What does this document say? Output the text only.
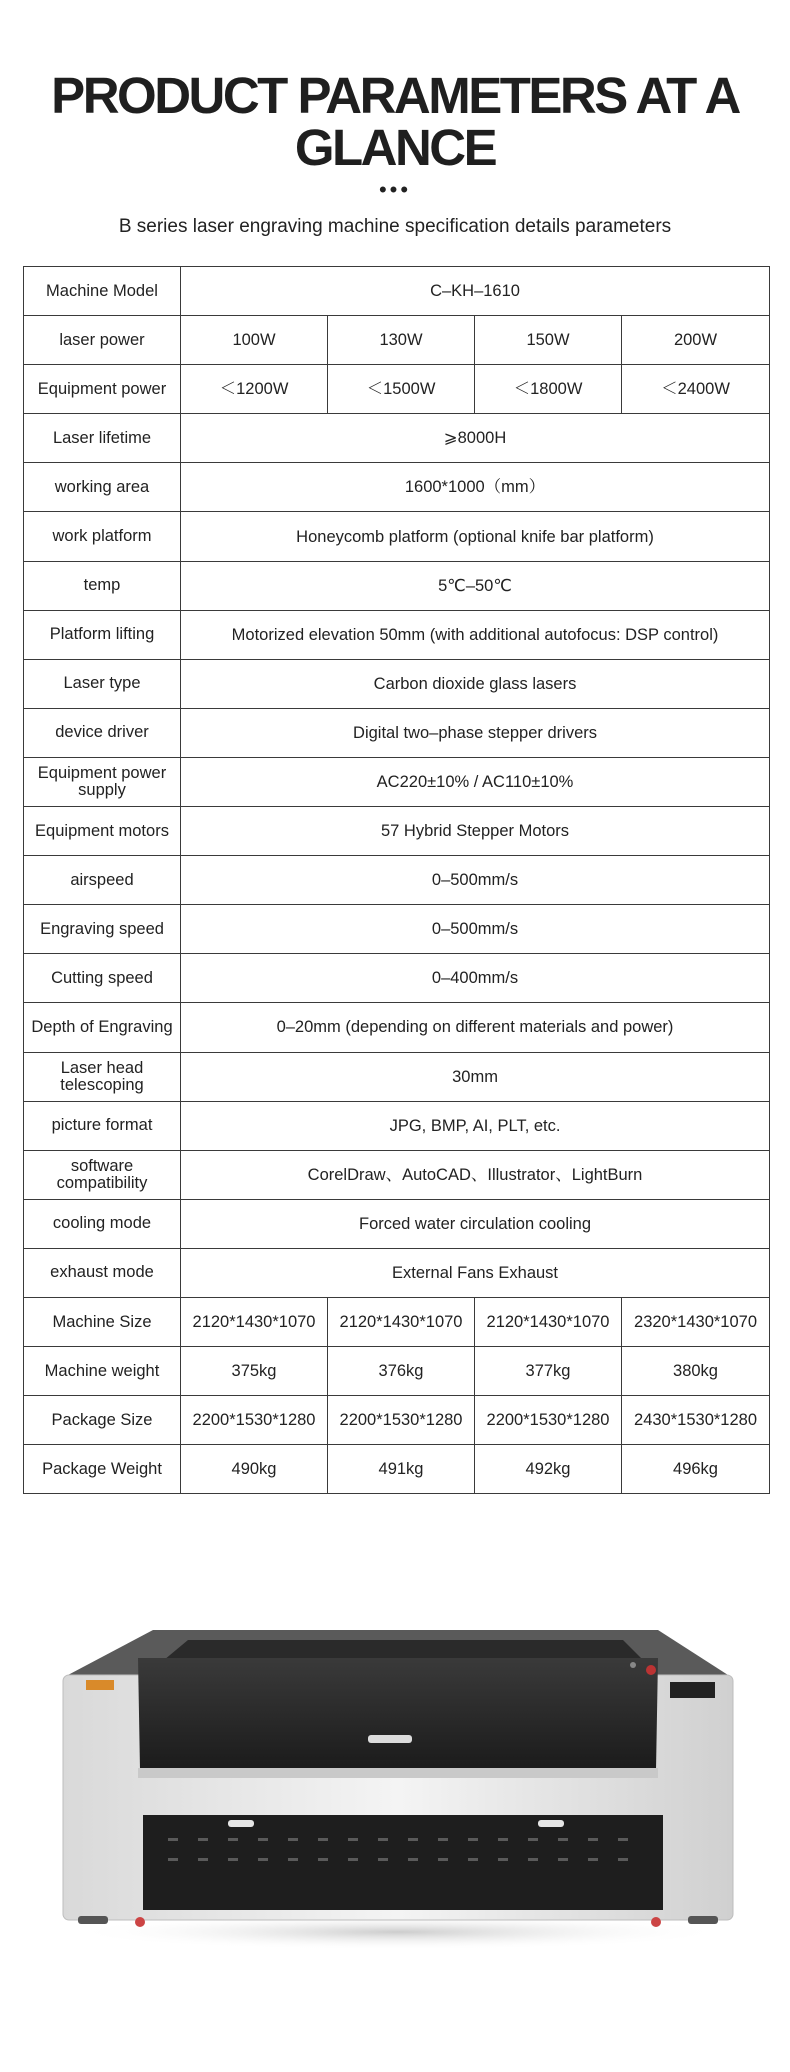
PRODUCT PARAMETERS AT A GLANCE
•••
B series laser engraving machine specification details parameters
Machine Model	C–KH–1610			
laser power	100W	130W	150W	200W
Equipment power	＜1200W	＜1500W	＜1800W	＜2400W
Laser lifetime	⩾8000H			
working area	1600*1000（mm）			
work platform	Honeycomb platform (optional knife bar platform)			
temp	5℃–50℃			
Platform lifting	Motorized elevation 50mm (with additional autofocus: DSP control)			
Laser type	Carbon dioxide glass lasers			
device driver	Digital two–phase stepper drivers			
Equipment power supply	AC220±10% / AC110±10%			
Equipment motors	57 Hybrid Stepper Motors			
airspeed	0–500mm/s			
Engraving speed	0–500mm/s			
Cutting speed	0–400mm/s			
Depth of Engraving	0–20mm (depending on different materials and power)			
Laser head telescoping	30mm			
picture format	JPG, BMP, AI, PLT, etc.			
software compatibility	CorelDraw、AutoCAD、Illustrator、LightBurn			
cooling mode	Forced water circulation cooling			
exhaust mode	External Fans Exhaust			
Machine Size	2120*1430*1070	2120*1430*1070	2120*1430*1070	2320*1430*1070
Machine weight	375kg	376kg	377kg	380kg
Package Size	2200*1530*1280	2200*1530*1280	2200*1530*1280	2430*1530*1280
Package Weight	490kg	491kg	492kg	496kg
